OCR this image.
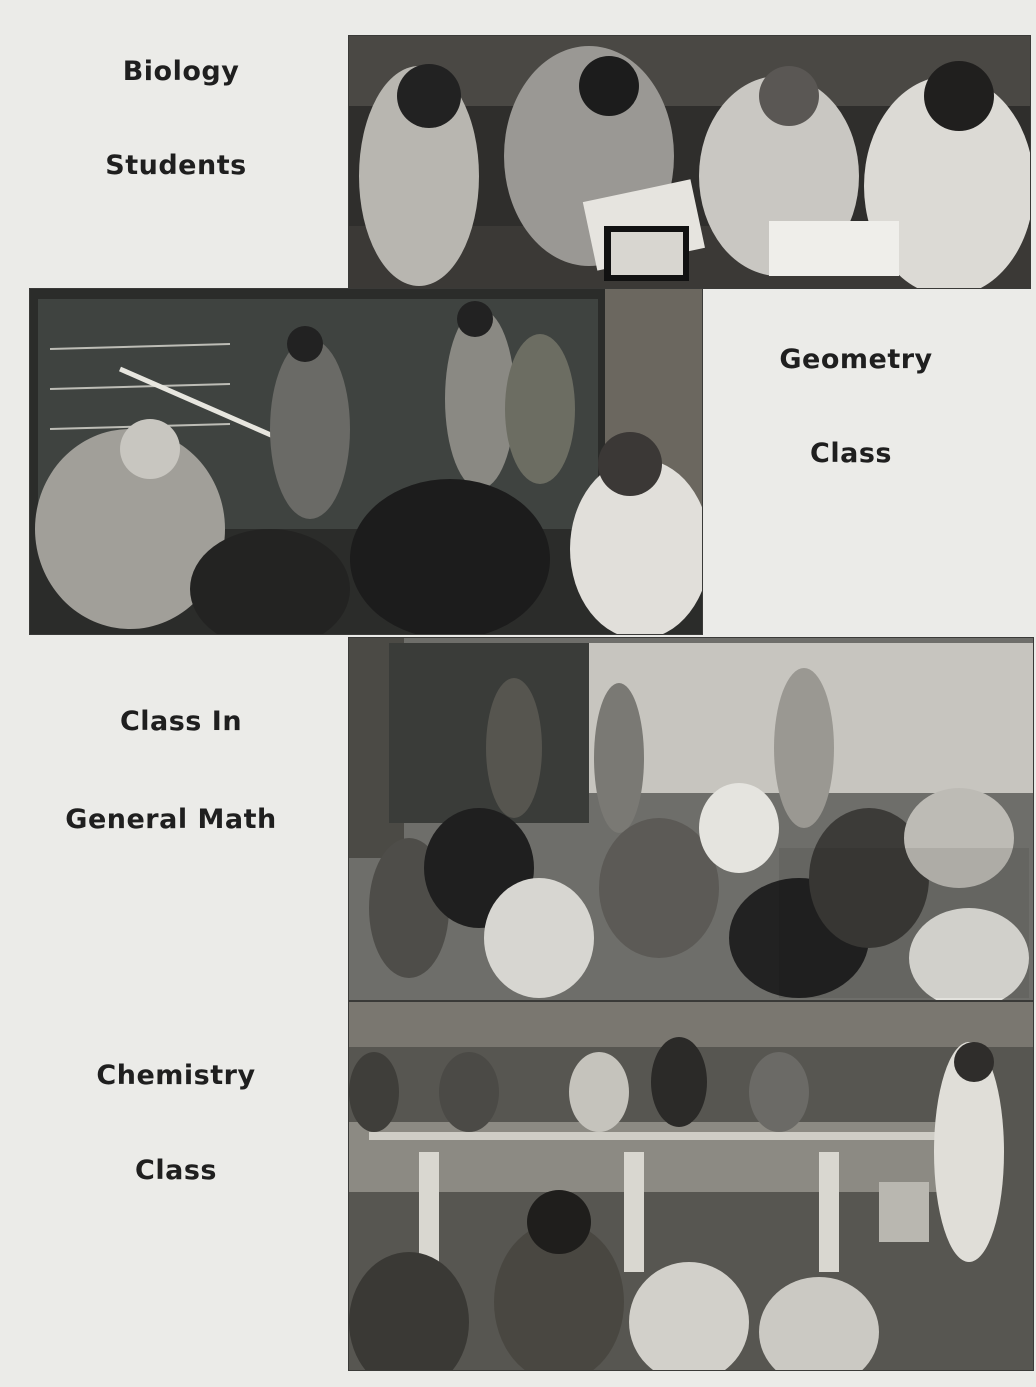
Biology
Students
Geometry
Class
Class In
General Math
Chemistry
Class
